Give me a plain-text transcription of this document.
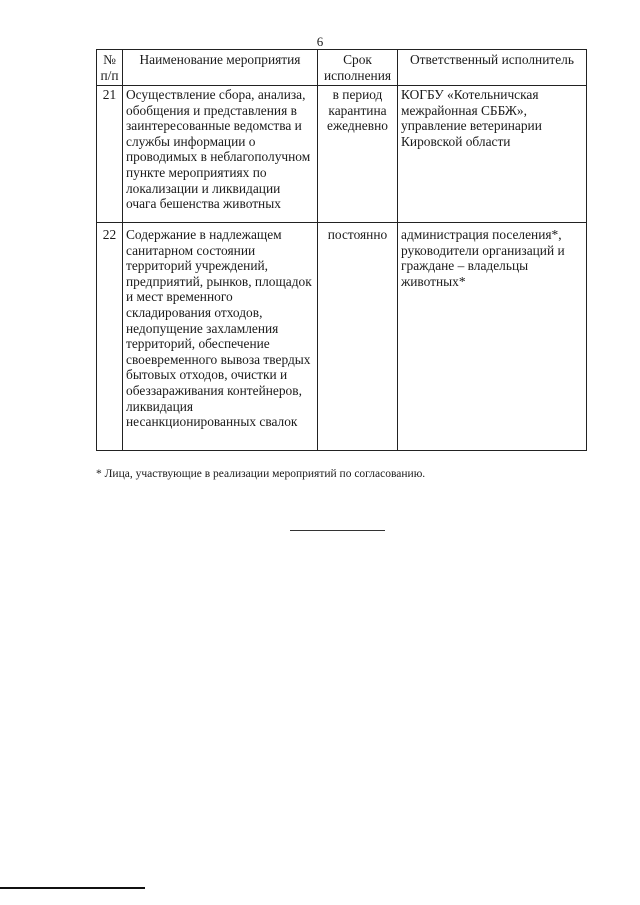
6
№ п/п	Наименование мероприятия	Срок исполнения	Ответственный исполнитель
21	Осуществление сбора, анализа, обобщения и представления в заинтересованные ведомства и службы информации о проводимых в неблагополучном пункте мероприятиях по локализации и ликвидации очага бешенства животных	в период карантина ежедневно	КОГБУ «Котельничская межрайонная СББЖ», управление ветеринарии Кировской области
22	Содержание в надлежащем санитарном состоянии территорий учреждений, предприятий, рынков, площадок и мест временного складирования отходов, недопущение захламления территорий, обеспечение своевременного вывоза твердых бытовых отходов, очистки и обеззараживания контейнеров, ликвидация несанкционированных свалок	постоянно	администрация поселения*, руководители организаций и граждане – владельцы животных*
* Лица, участвующие в реализации мероприятий по согласованию.
